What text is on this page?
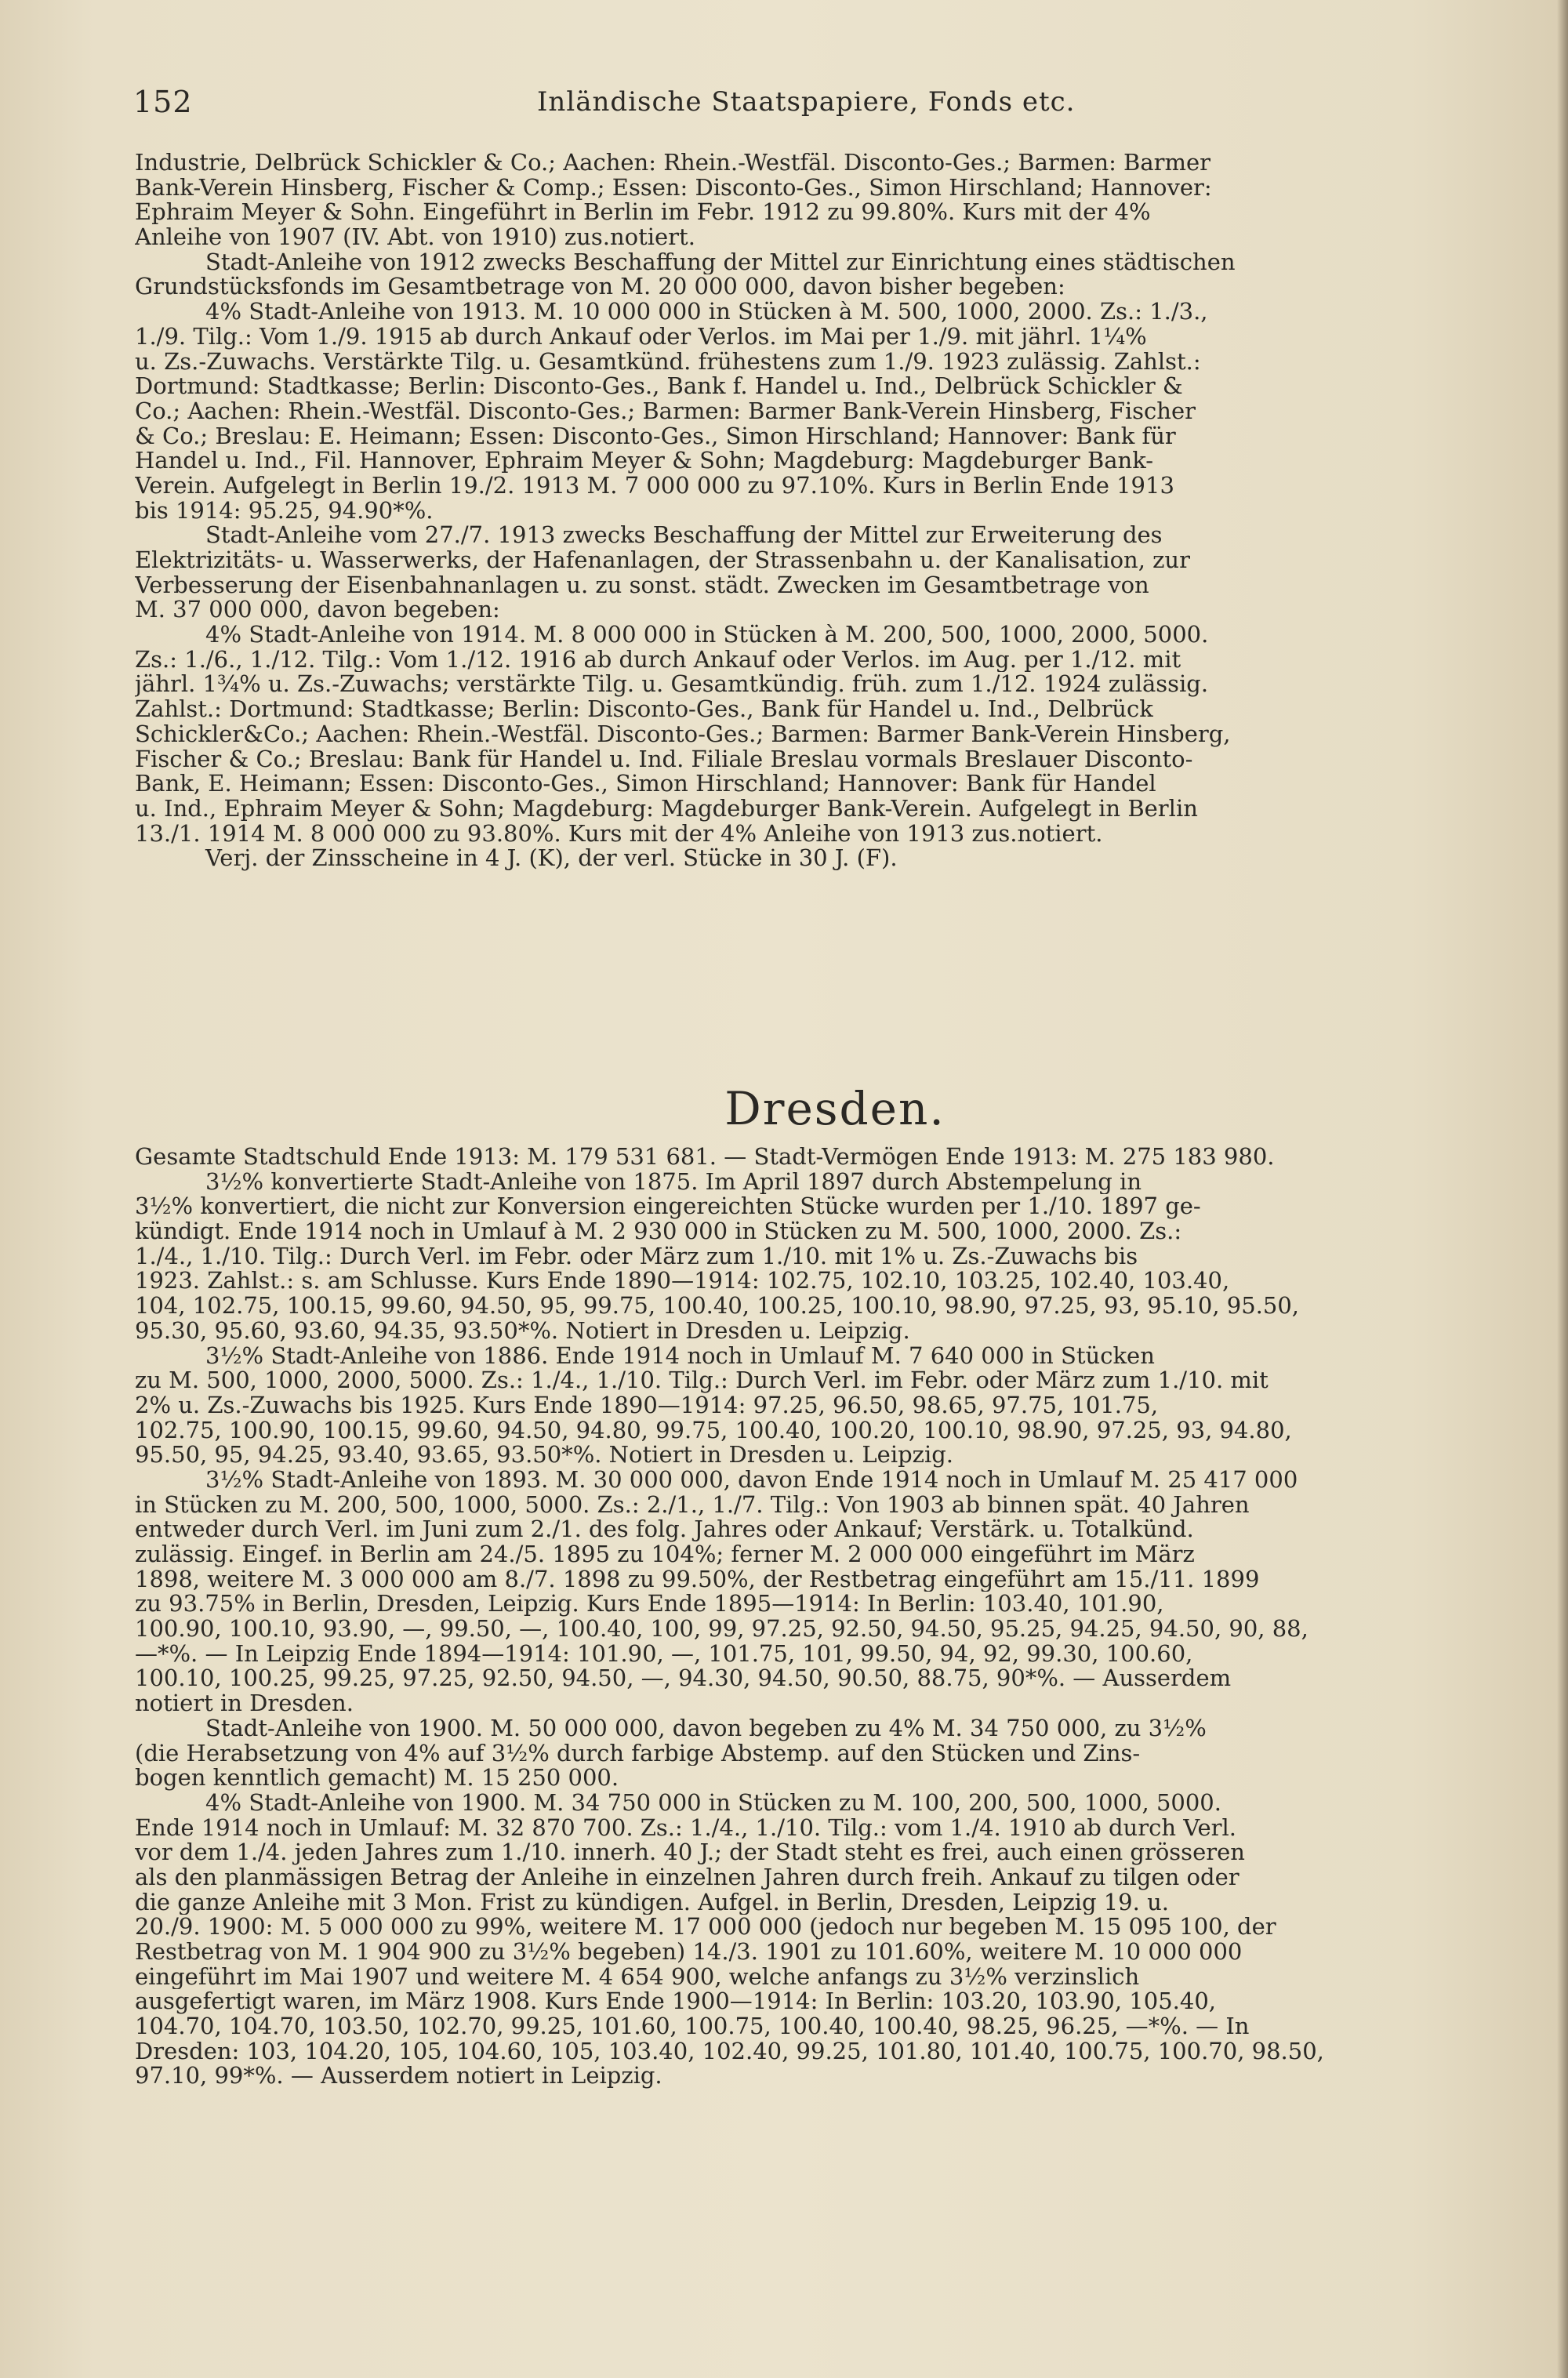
152	Inländische Staatspapiere, Fonds etc.
Industrie, Delbrück Schickler & Co.; Aachen: Rhein.-Westfäl. Disconto-Ges.; Barmen: Barmer
Bank-Verein Hinsberg, Fischer & Comp.; Essen: Disconto-Ges., Simon Hirschland; Hannover:
Ephraim Meyer & Sohn. Eingeführt in Berlin im Febr. 1912 zu 99.80%. Kurs mit der 4%
Anleihe von 1907 (IV. Abt. von 1910) zus.notiert.
Stadt-Anleihe von 1912 zwecks Beschaffung der Mittel zur Einrichtung eines städtischen
Grundstücksfonds im Gesamtbetrage von M. 20 000 000, davon bisher begeben:
4% Stadt-Anleihe von 1913. M. 10 000 000 in Stücken à M. 500, 1000, 2000. Zs.: 1./3.,
1./9. Tilg.: Vom 1./9. 1915 ab durch Ankauf oder Verlos. im Mai per 1./9. mit jährl. 1¼%
u. Zs.-Zuwachs. Verstärkte Tilg. u. Gesamtkünd. frühestens zum 1./9. 1923 zulässig. Zahlst.:
Dortmund: Stadtkasse; Berlin: Disconto-Ges., Bank f. Handel u. Ind., Delbrück Schickler &
Co.; Aachen: Rhein.-Westfäl. Disconto-Ges.; Barmen: Barmer Bank-Verein Hinsberg, Fischer
& Co.; Breslau: E. Heimann; Essen: Disconto-Ges., Simon Hirschland; Hannover: Bank für
Handel u. Ind., Fil. Hannover, Ephraim Meyer & Sohn; Magdeburg: Magdeburger Bank-
Verein. Aufgelegt in Berlin 19./2. 1913 M. 7 000 000 zu 97.10%. Kurs in Berlin Ende 1913
bis 1914: 95.25, 94.90*%.
Stadt-Anleihe vom 27./7. 1913 zwecks Beschaffung der Mittel zur Erweiterung des
Elektrizitäts- u. Wasserwerks, der Hafenanlagen, der Strassenbahn u. der Kanalisation, zur
Verbesserung der Eisenbahnanlagen u. zu sonst. städt. Zwecken im Gesamtbetrage von
M. 37 000 000, davon begeben:
4% Stadt-Anleihe von 1914. M. 8 000 000 in Stücken à M. 200, 500, 1000, 2000, 5000.
Zs.: 1./6., 1./12. Tilg.: Vom 1./12. 1916 ab durch Ankauf oder Verlos. im Aug. per 1./12. mit
jährl. 1¾% u. Zs.-Zuwachs; verstärkte Tilg. u. Gesamtkündig. früh. zum 1./12. 1924 zulässig.
Zahlst.: Dortmund: Stadtkasse; Berlin: Disconto-Ges., Bank für Handel u. Ind., Delbrück
Schickler&Co.; Aachen: Rhein.-Westfäl. Disconto-Ges.; Barmen: Barmer Bank-Verein Hinsberg,
Fischer & Co.; Breslau: Bank für Handel u. Ind. Filiale Breslau vormals Breslauer Disconto-
Bank, E. Heimann; Essen: Disconto-Ges., Simon Hirschland; Hannover: Bank für Handel
u. Ind., Ephraim Meyer & Sohn; Magdeburg: Magdeburger Bank-Verein. Aufgelegt in Berlin
13./1. 1914 M. 8 000 000 zu 93.80%. Kurs mit der 4% Anleihe von 1913 zus.notiert.
Verj. der Zinsscheine in 4 J. (K), der verl. Stücke in 30 J. (F).
Dresden.
Gesamte Stadtschuld Ende 1913: M. 179 531 681. — Stadt-Vermögen Ende 1913: M. 275 183 980.
3½% konvertierte Stadt-Anleihe von 1875. Im April 1897 durch Abstempelung in
3½% konvertiert, die nicht zur Konversion eingereichten Stücke wurden per 1./10. 1897 ge-
kündigt. Ende 1914 noch in Umlauf à M. 2 930 000 in Stücken zu M. 500, 1000, 2000. Zs.:
1./4., 1./10. Tilg.: Durch Verl. im Febr. oder März zum 1./10. mit 1% u. Zs.-Zuwachs bis
1923. Zahlst.: s. am Schlusse. Kurs Ende 1890—1914: 102.75, 102.10, 103.25, 102.40, 103.40,
104, 102.75, 100.15, 99.60, 94.50, 95, 99.75, 100.40, 100.25, 100.10, 98.90, 97.25, 93, 95.10, 95.50,
95.30, 95.60, 93.60, 94.35, 93.50*%. Notiert in Dresden u. Leipzig.
3½% Stadt-Anleihe von 1886. Ende 1914 noch in Umlauf M. 7 640 000 in Stücken
zu M. 500, 1000, 2000, 5000. Zs.: 1./4., 1./10. Tilg.: Durch Verl. im Febr. oder März zum 1./10. mit
2% u. Zs.-Zuwachs bis 1925. Kurs Ende 1890—1914: 97.25, 96.50, 98.65, 97.75, 101.75,
102.75, 100.90, 100.15, 99.60, 94.50, 94.80, 99.75, 100.40, 100.20, 100.10, 98.90, 97.25, 93, 94.80,
95.50, 95, 94.25, 93.40, 93.65, 93.50*%. Notiert in Dresden u. Leipzig.
3½% Stadt-Anleihe von 1893. M. 30 000 000, davon Ende 1914 noch in Umlauf M. 25 417 000
in Stücken zu M. 200, 500, 1000, 5000. Zs.: 2./1., 1./7. Tilg.: Von 1903 ab binnen spät. 40 Jahren
entweder durch Verl. im Juni zum 2./1. des folg. Jahres oder Ankauf; Verstärk. u. Totalkünd.
zulässig. Eingef. in Berlin am 24./5. 1895 zu 104%; ferner M. 2 000 000 eingeführt im März
1898, weitere M. 3 000 000 am 8./7. 1898 zu 99.50%, der Restbetrag eingeführt am 15./11. 1899
zu 93.75% in Berlin, Dresden, Leipzig. Kurs Ende 1895—1914: In Berlin: 103.40, 101.90,
100.90, 100.10, 93.90, —, 99.50, —, 100.40, 100, 99, 97.25, 92.50, 94.50, 95.25, 94.25, 94.50, 90, 88,
—*%. — In Leipzig Ende 1894—1914: 101.90, —, 101.75, 101, 99.50, 94, 92, 99.30, 100.60,
100.10, 100.25, 99.25, 97.25, 92.50, 94.50, —, 94.30, 94.50, 90.50, 88.75, 90*%. — Ausserdem
notiert in Dresden.
Stadt-Anleihe von 1900. M. 50 000 000, davon begeben zu 4% M. 34 750 000, zu 3½%
(die Herabsetzung von 4% auf 3½% durch farbige Abstemp. auf den Stücken und Zins-
bogen kenntlich gemacht) M. 15 250 000.
4% Stadt-Anleihe von 1900. M. 34 750 000 in Stücken zu M. 100, 200, 500, 1000, 5000.
Ende 1914 noch in Umlauf: M. 32 870 700. Zs.: 1./4., 1./10. Tilg.: vom 1./4. 1910 ab durch Verl.
vor dem 1./4. jeden Jahres zum 1./10. innerh. 40 J.; der Stadt steht es frei, auch einen grösseren
als den planmässigen Betrag der Anleihe in einzelnen Jahren durch freih. Ankauf zu tilgen oder
die ganze Anleihe mit 3 Mon. Frist zu kündigen. Aufgel. in Berlin, Dresden, Leipzig 19. u.
20./9. 1900: M. 5 000 000 zu 99%, weitere M. 17 000 000 (jedoch nur begeben M. 15 095 100, der
Restbetrag von M. 1 904 900 zu 3½% begeben) 14./3. 1901 zu 101.60%, weitere M. 10 000 000
eingeführt im Mai 1907 und weitere M. 4 654 900, welche anfangs zu 3½% verzinslich
ausgefertigt waren, im März 1908. Kurs Ende 1900—1914: In Berlin: 103.20, 103.90, 105.40,
104.70, 104.70, 103.50, 102.70, 99.25, 101.60, 100.75, 100.40, 100.40, 98.25, 96.25, —*%. — In
Dresden: 103, 104.20, 105, 104.60, 105, 103.40, 102.40, 99.25, 101.80, 101.40, 100.75, 100.70, 98.50,
97.10, 99*%. — Ausserdem notiert in Leipzig.
